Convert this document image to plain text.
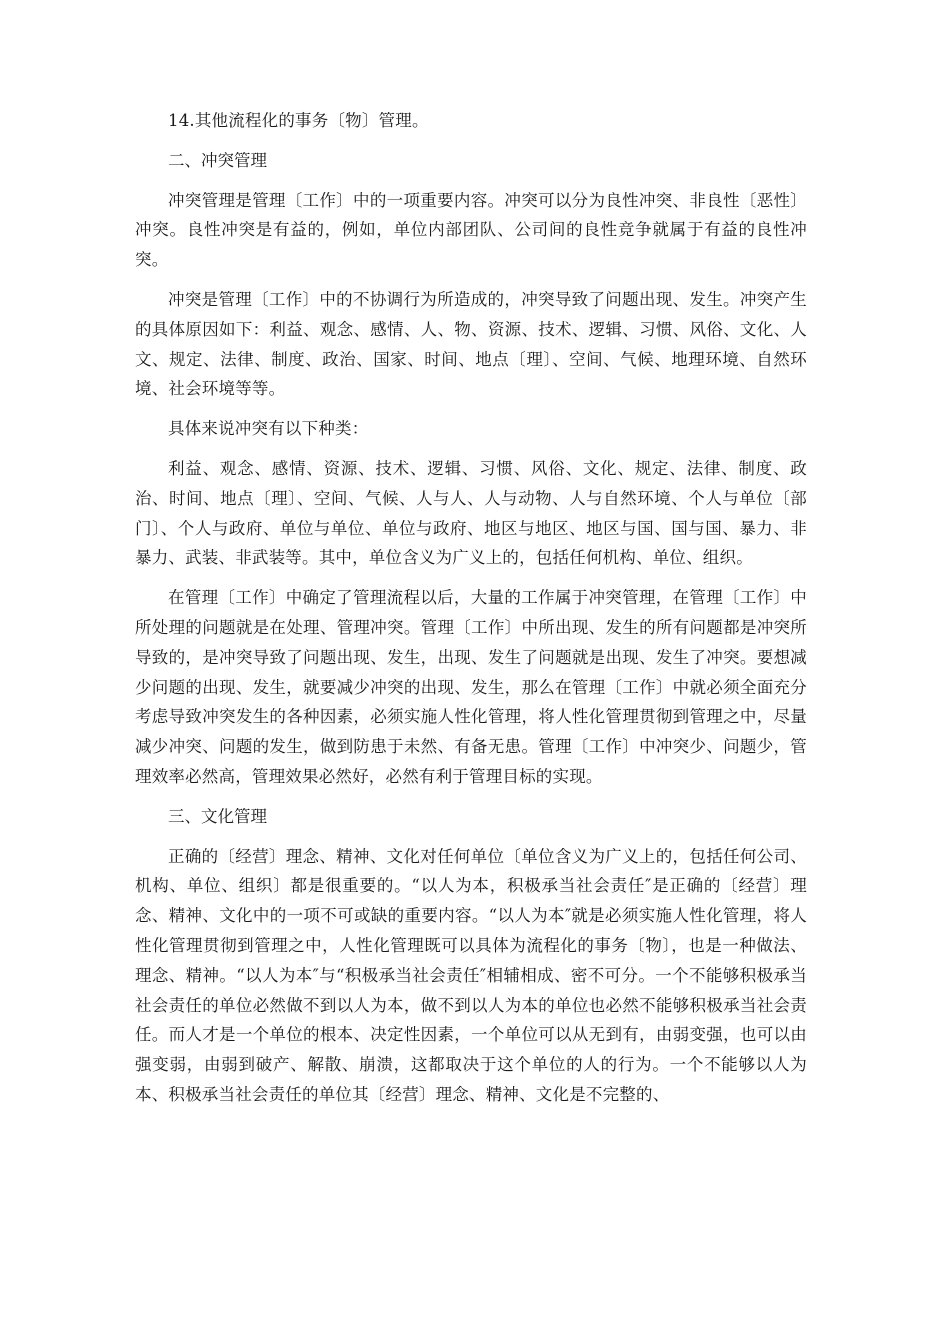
14.其他流程化的事务〔物〕管理。

二、冲突管理

冲突管理是管理〔工作〕中的一项重要内容。冲突可以分为良性冲突、非良性〔恶性〕冲突。良性冲突是有益的，例如，单位内部团队、公司间的良性竞争就属于有益的良性冲突。

冲突是管理〔工作〕中的不协调行为所造成的，冲突导致了问题出现、发生。冲突产生的具体原因如下：利益、观念、感情、人、物、资源、技术、逻辑、习惯、风俗、文化、人文、规定、法律、制度、政治、国家、时间、地点〔理〕、空间、气候、地理环境、自然环境、社会环境等等。

具体来说冲突有以下种类：

利益、观念、感情、资源、技术、逻辑、习惯、风俗、文化、规定、法律、制度、政治、时间、地点〔理〕、空间、气候、人与人、人与动物、人与自然环境、个人与单位〔部门〕、个人与政府、单位与单位、单位与政府、地区与地区、地区与国、国与国、暴力、非暴力、武装、非武装等。其中，单位含义为广义上的，包括任何机构、单位、组织。

在管理〔工作〕中确定了管理流程以后，大量的工作属于冲突管理，在管理〔工作〕中所处理的问题就是在处理、管理冲突。管理〔工作〕中所出现、发生的所有问题都是冲突所导致的，是冲突导致了问题出现、发生，出现、发生了问题就是出现、发生了冲突。要想减少问题的出现、发生，就要减少冲突的出现、发生，那么在管理〔工作〕中就必须全面充分考虑导致冲突发生的各种因素，必须实施人性化管理，将人性化管理贯彻到管理之中，尽量减少冲突、问题的发生，做到防患于未然、有备无患。管理〔工作〕中冲突少、问题少，管理效率必然高，管理效果必然好，必然有利于管理目标的实现。

三、文化管理

正确的〔经营〕理念、精神、文化对任何单位〔单位含义为广义上的，包括任何公司、机构、单位、组织〕都是很重要的。“以人为本，积极承当社会责任″是正确的〔经营〕理念、精神、文化中的一项不可或缺的重要内容。“以人为本″就是必须实施人性化管理，将人性化管理贯彻到管理之中，人性化管理既可以具体为流程化的事务〔物〕，也是一种做法、理念、精神。“以人为本″与“积极承当社会责任″相辅相成、密不可分。一个不能够积极承当社会责任的单位必然做不到以人为本，做不到以人为本的单位也必然不能够积极承当社会责任。而人才是一个单位的根本、决定性因素，一个单位可以从无到有，由弱变强，也可以由强变弱，由弱到破产、解散、崩溃，这都取决于这个单位的人的行为。一个不能够以人为本、积极承当社会责任的单位其〔经营〕理念、精神、文化是不完整的、
